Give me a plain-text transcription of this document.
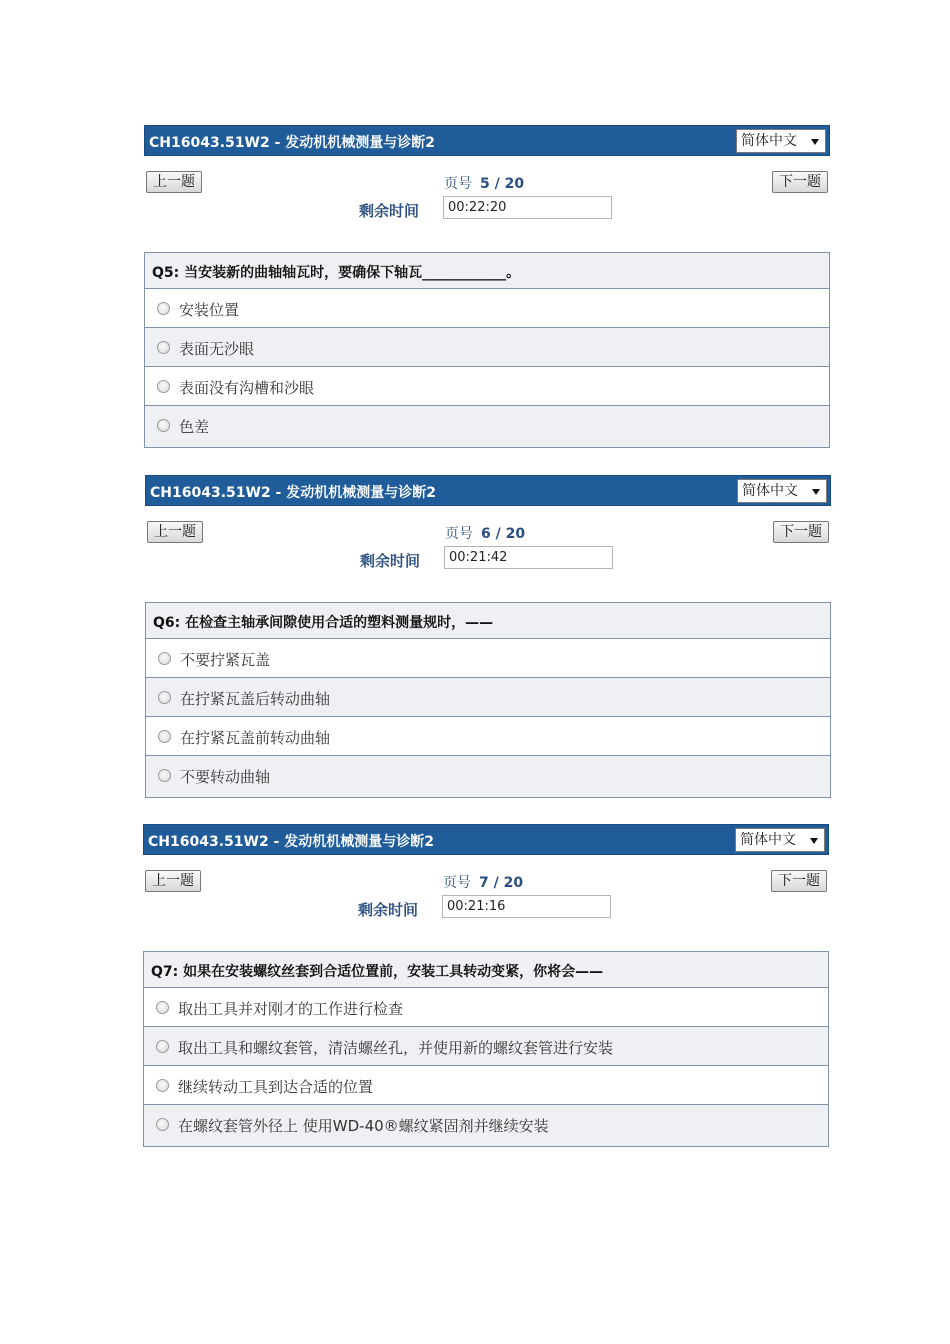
CH16043.51W2 - 发动机机械测量与诊断2	简体中文
上一题	页号 5 / 20	下一题
剩余时间	00:22:20
Q5: 当安装新的曲轴轴瓦时，要确保下轴瓦____________。
安装位置
表面无沙眼
表面没有沟槽和沙眼
色差
CH16043.51W2 - 发动机机械测量与诊断2	简体中文
上一题	页号 6 / 20	下一题
剩余时间	00:21:42
Q6: 在检查主轴承间隙使用合适的塑料测量规时，——
不要拧紧瓦盖
在拧紧瓦盖后转动曲轴
在拧紧瓦盖前转动曲轴
不要转动曲轴
CH16043.51W2 - 发动机机械测量与诊断2	简体中文
上一题	页号 7 / 20	下一题
剩余时间	00:21:16
Q7: 如果在安装螺纹丝套到合适位置前，安装工具转动变紧，你将会——
取出工具并对刚才的工作进行检查
取出工具和螺纹套管，清洁螺丝孔，并使用新的螺纹套管进行安装
继续转动工具到达合适的位置
在螺纹套管外径上 使用WD-40®螺纹紧固剂并继续安装
